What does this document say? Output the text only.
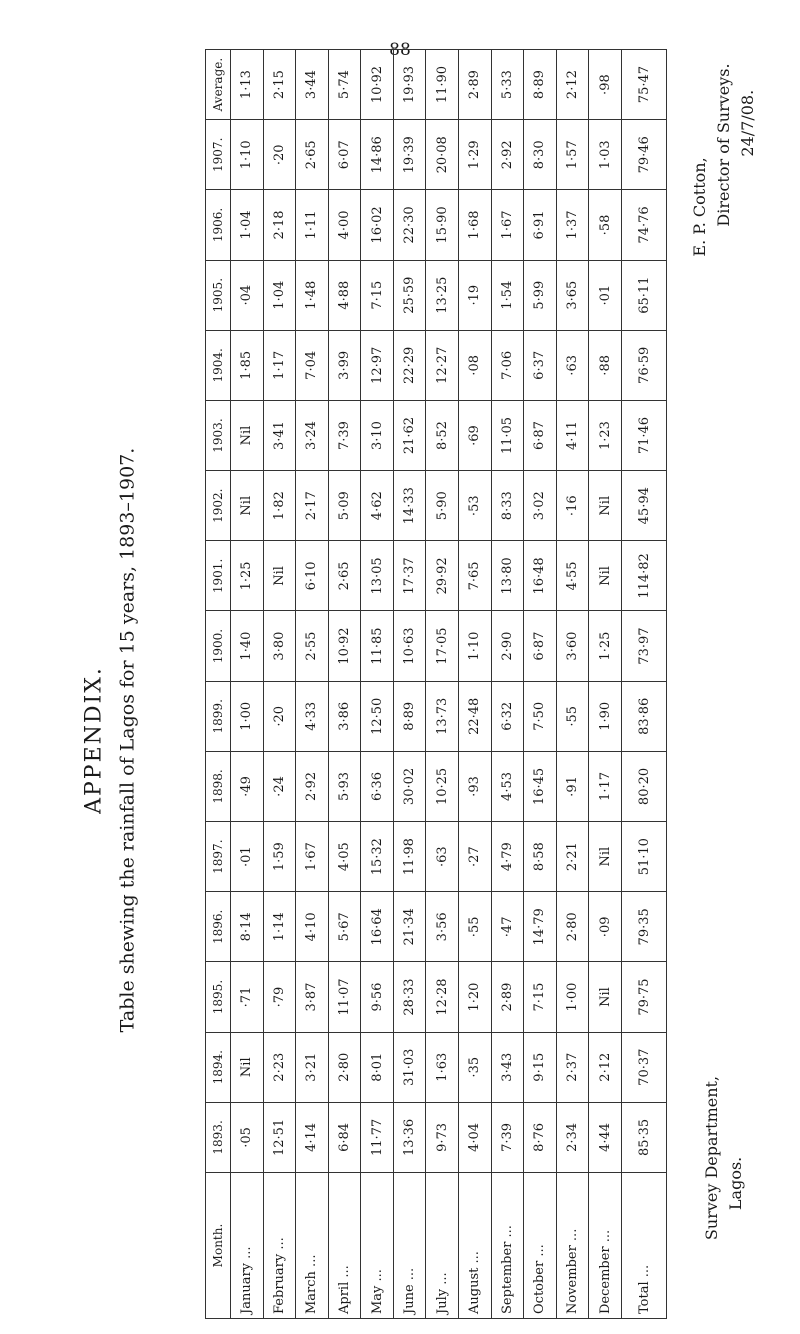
88
APPENDIX. Table shewing the rainfall of Lagos for 15 years, 1893–1907.
Month.	1893.	1894.	1895.	1896.	1897.	1898.	1899.	1900.	1901.	1902.	1903.	1904.	1905.	1906.	1907.	Average.
January ...	·05	Nil	·71	8·14	·01	·49	1·00	1·40	1·25	Nil	Nil	1·85	·04	1·04	1·10	1·13
February ...	12·51	2·23	·79	1·14	1·59	·24	·20	3·80	Nil	1·82	3·41	1·17	1·04	2·18	·20	2·15
March ...	4·14	3·21	3·87	4·10	1·67	2·92	4·33	2·55	6·10	2·17	3·24	7·04	1·48	1·11	2·65	3·44
April ...	6·84	2·80	11·07	5·67	4·05	5·93	3·86	10·92	2·65	5·09	7·39	3·99	4·88	4·00	6·07	5·74
May ...	11·77	8·01	9·56	16·64	15·32	6·36	12·50	11·85	13·05	4·62	3·10	12·97	7·15	16·02	14·86	10·92
June ...	13·36	31·03	28·33	21·34	11·98	30·02	8·89	10·63	17·37	14·33	21·62	22·29	25·59	22·30	19·39	19·93
July ...	9·73	1·63	12·28	3·56	·63	10·25	13·73	17·05	29·92	5·90	8·52	12·27	13·25	15·90	20·08	11·90
August ...	4·04	·35	1·20	·55	·27	·93	22·48	1·10	7·65	·53	·69	·08	·19	1·68	1·29	2·89
September ...	7·39	3·43	2·89	·47	4·79	4·53	6·32	2·90	13·80	8·33	11·05	7·06	1·54	1·67	2·92	5·33
October ...	8·76	9·15	7·15	14·79	8·58	16·45	7·50	6·87	16·48	3·02	6·87	6·37	5·99	6·91	8·30	8·89
November ...	2·34	2·37	1·00	2·80	2·21	·91	·55	3·60	4·55	·16	4·11	·63	3·65	1·37	1·57	2·12
December ...	4·44	2·12	Nil	·09	Nil	1·17	1·90	1·25	Nil	Nil	1·23	·88	·01	·58	1·03	·98
Total ...	85·35	70·37	79·75	79·35	51·10	80·20	83·86	73·97	114·82	45·94	71·46	76·59	65·11	74·76	79·46	75·47
Survey Department, Lagos.
E. P. Cotton, Director of Surveys. 24/7/08.
